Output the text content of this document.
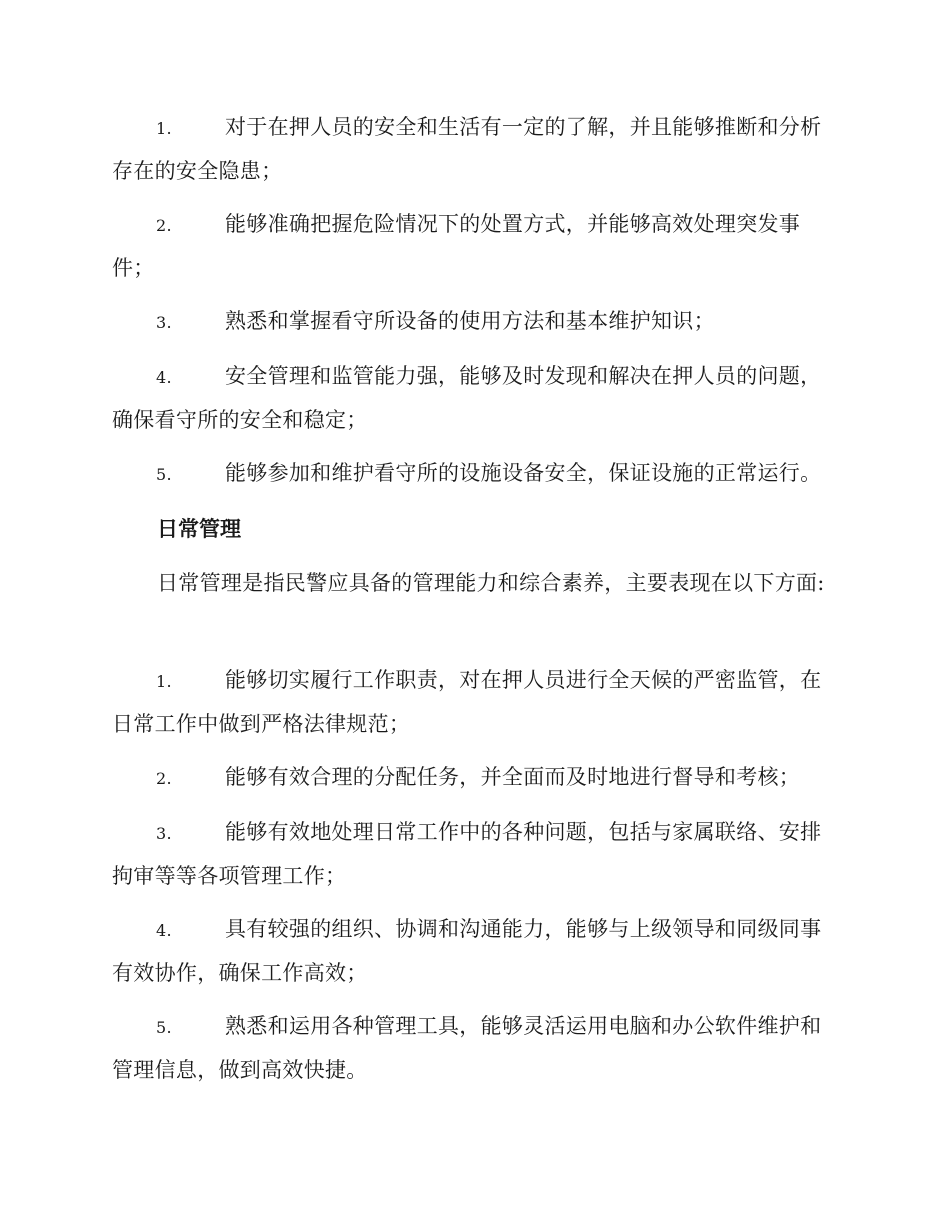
1.	对于在押人员的安全和生活有一定的了解，并且能够推断和分析存在的安全隐患；
2.	能够准确把握危险情况下的处置方式，并能够高效处理突发事件；
3.	熟悉和掌握看守所设备的使用方法和基本维护知识；
4.	安全管理和监管能力强，能够及时发现和解决在押人员的问题，确保看守所的安全和稳定；
5.	能够参加和维护看守所的设施设备安全，保证设施的正常运行。
日常管理
日常管理是指民警应具备的管理能力和综合素养，主要表现在以下方面:
1.	能够切实履行工作职责，对在押人员进行全天候的严密监管，在日常工作中做到严格法律规范；
2.	能够有效合理的分配任务，并全面而及时地进行督导和考核；
3.	能够有效地处理日常工作中的各种问题，包括与家属联络、安排拘审等等各项管理工作；
4.	具有较强的组织、协调和沟通能力，能够与上级领导和同级同事有效协作，确保工作高效；
5.	熟悉和运用各种管理工具，能够灵活运用电脑和办公软件维护和管理信息，做到高效快捷。
